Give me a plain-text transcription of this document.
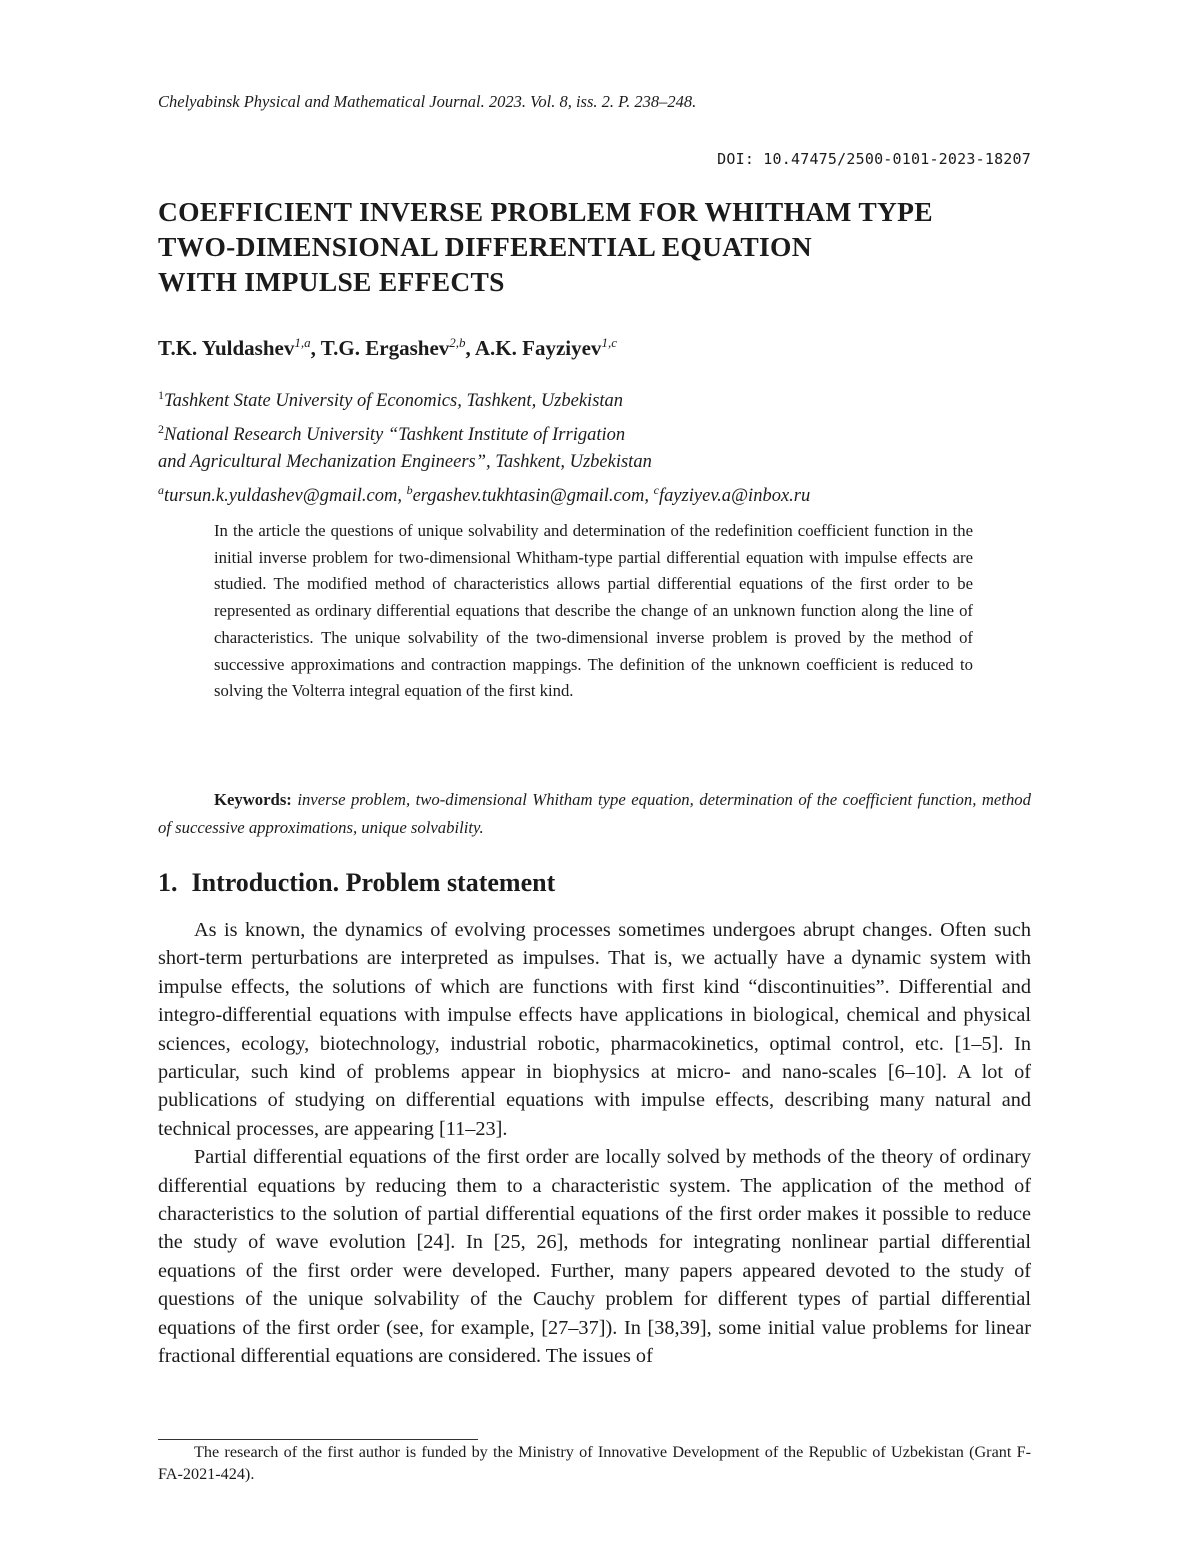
Chelyabinsk Physical and Mathematical Journal. 2023. Vol. 8, iss. 2. P. 238–248.
DOI: 10.47475/2500-0101-2023-18207
COEFFICIENT INVERSE PROBLEM FOR WHITHAM TYPE
TWO-DIMENSIONAL DIFFERENTIAL EQUATION
WITH IMPULSE EFFECTS
T.K. Yuldashev$^{1,a}$, T.G. Ergashev$^{2,b}$, A.K. Fayziyev$^{1,c}$
$^1$Tashkent State University of Economics, Tashkent, Uzbekistan
$^2$National Research University “Tashkent Institute of Irrigation
and Agricultural Mechanization Engineers”, Tashkent, Uzbekistan
$^a$tursun.k.yuldashev@gmail.com, $^b$ergashev.tukhtasin@gmail.com, $^c$fayziyev.a@inbox.ru

In the article the questions of unique solvability and determination of the redefinition coefficient function in the initial inverse problem for two-dimensional Whitham-type partial differential equation with impulse effects are studied. The modified method of characteristics allows partial differential equations of the first order to be represented as ordinary differential equations that describe the change of an unknown function along the line of characteristics. The unique solvability of the two-dimensional inverse problem is proved by the method of successive approximations and contraction mappings. The definition of the unknown coefficient is reduced to solving the Volterra integral equation of the first kind.

Keywords: inverse problem, two-dimensional Whitham type equation, determination of the coefficient function, method of successive approximations, unique solvability.

1. Introduction. Problem statement

As is known, the dynamics of evolving processes sometimes undergoes abrupt changes. Often such short-term perturbations are interpreted as impulses. That is, we actually have a dynamic system with impulse effects, the solutions of which are functions with first kind “discontinuities”. Differential and integro-differential equations with impulse effects have applications in biological, chemical and physical sciences, ecology, biotechnology, industrial robotic, pharmacokinetics, optimal control, etc. [1–5]. In particular, such kind of problems appear in biophysics at micro- and nano-scales [6–10]. A lot of publications of studying on differential equations with impulse effects, describing many natural and technical processes, are appearing [11–23].

Partial differential equations of the first order are locally solved by methods of the theory of ordinary differential equations by reducing them to a characteristic system. The application of the method of characteristics to the solution of partial differential equations of the first order makes it possible to reduce the study of wave evolution [24]. In [25, 26], methods for integrating nonlinear partial differential equations of the first order were developed. Further, many papers appeared devoted to the study of questions of the unique solvability of the Cauchy problem for different types of partial differential equations of the first order (see, for example, [27–37]). In [38,39], some initial value problems for linear fractional differential equations are considered. The issues of

The research of the first author is funded by the Ministry of Innovative Development of the Republic of Uzbekistan (Grant F-FA-2021-424).
